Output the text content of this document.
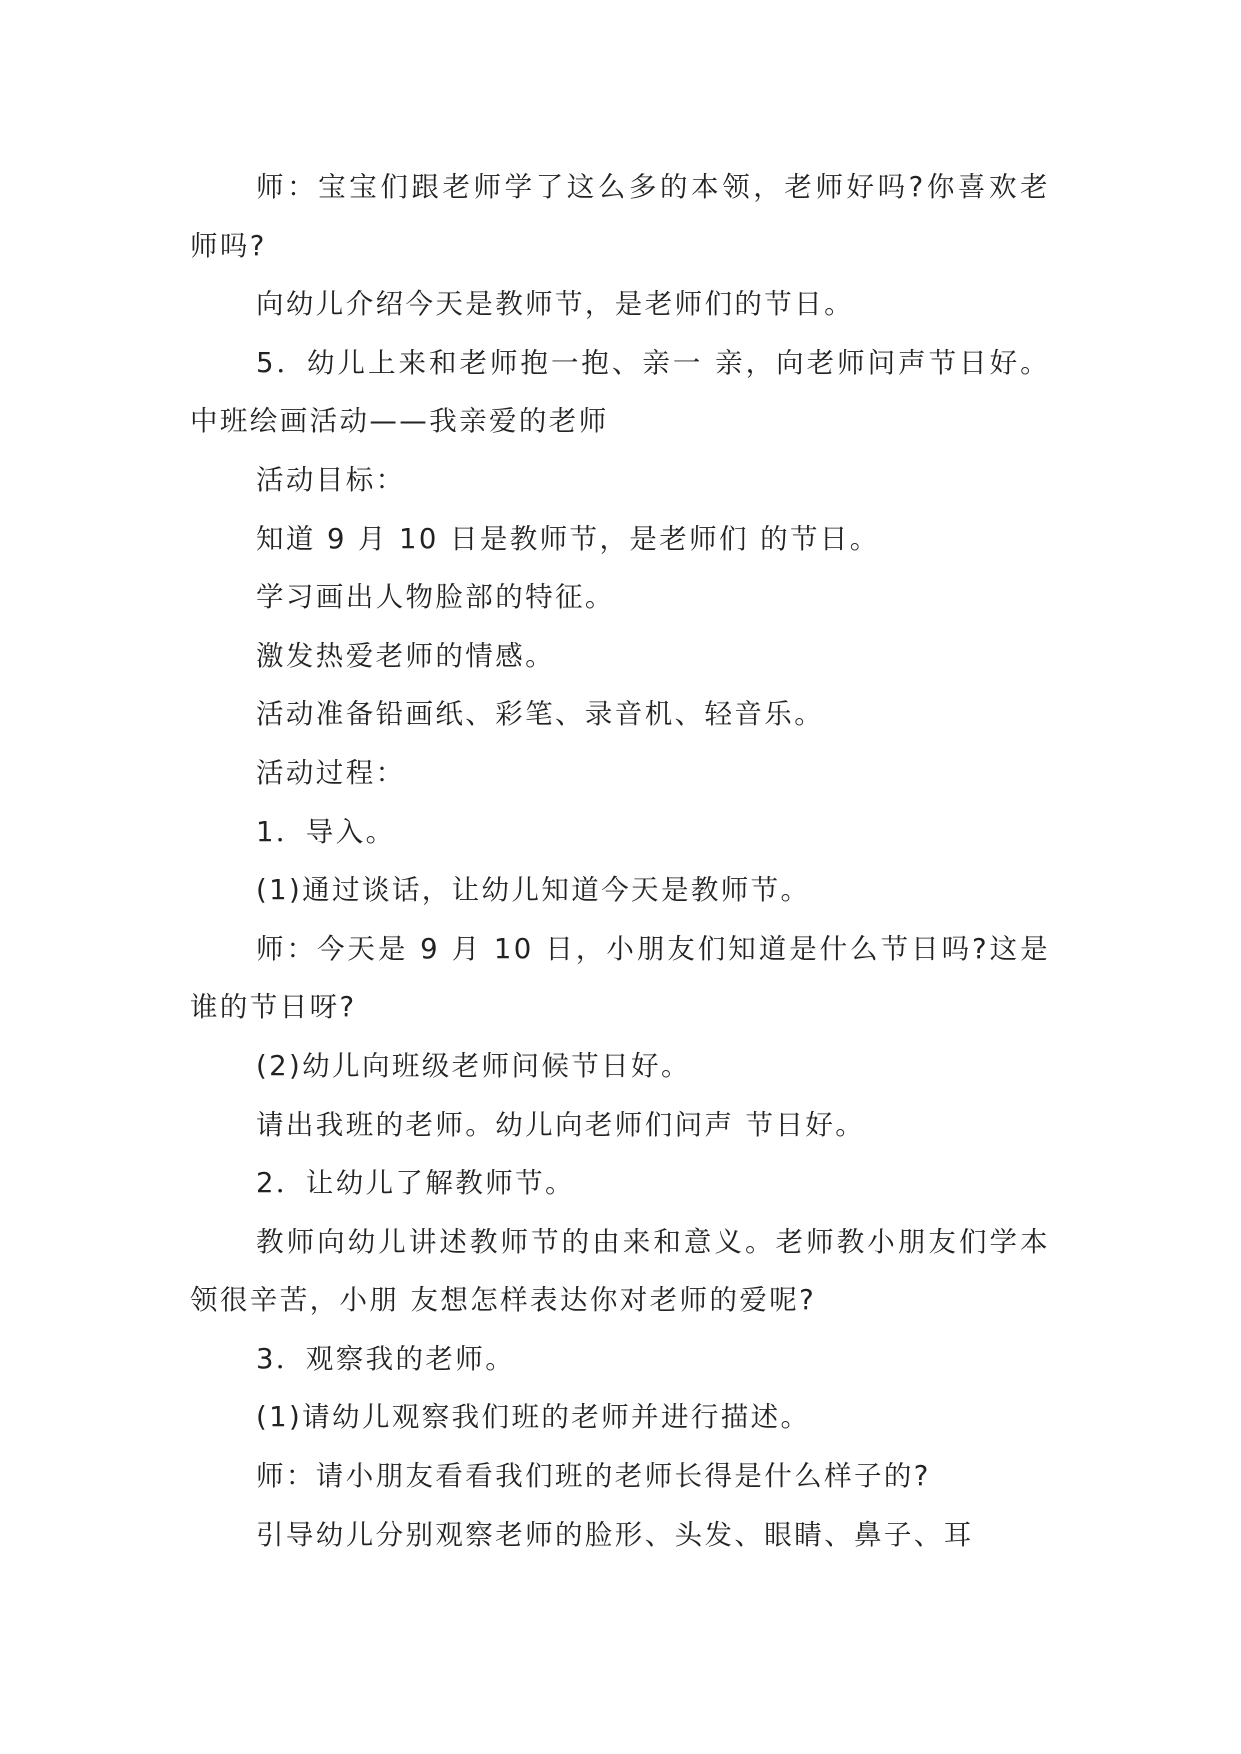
师：宝宝们跟老师学了这么多的本领，老师好吗?你喜欢老师吗?

向幼儿介绍今天是教师节，是老师们的节日。

5．幼儿上来和老师抱一抱、亲一 亲，向老师问声节日好。 中班绘画活动——我亲爱的老师

活动目标：

知道 9 月 10 日是教师节，是老师们 的节日。

学习画出人物脸部的特征。

激发热爱老师的情感。

活动准备铅画纸、彩笔、录音机、轻音乐。

活动过程：

1．导入。

(1)通过谈话，让幼儿知道今天是教师节。

师：今天是 9 月 10 日，小朋友们知道是什么节日吗?这是谁的节日呀?

(2)幼儿向班级老师问候节日好。

请出我班的老师。幼儿向老师们问声 节日好。

2．让幼儿了解教师节。

教师向幼儿讲述教师节的由来和意义。老师教小朋友们学本领很辛苦，小朋 友想怎样表达你对老师的爱呢?

3．观察我的老师。

(1)请幼儿观察我们班的老师并进行描述。

师：请小朋友看看我们班的老师长得是什么样子的?

引导幼儿分别观察老师的脸形、头发、眼睛、鼻子、耳
